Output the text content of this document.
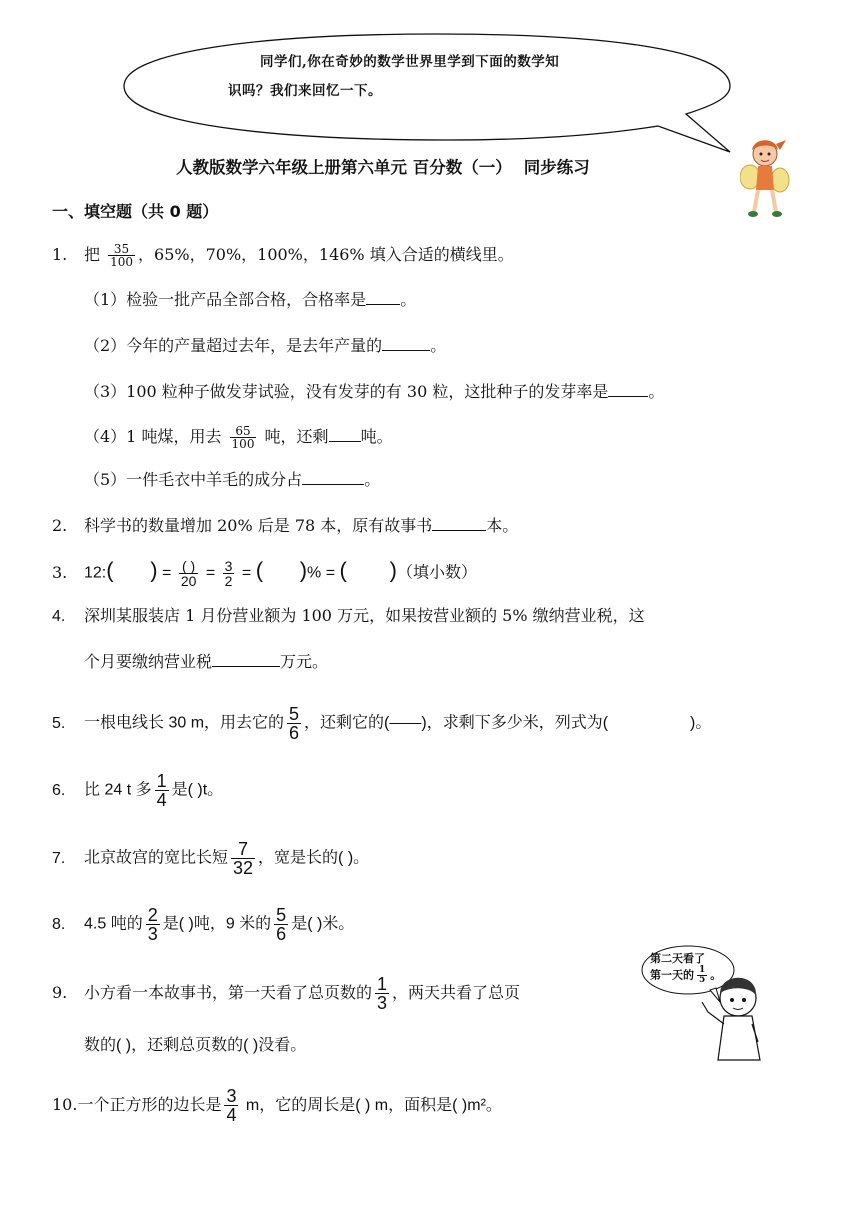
同学们,你在奇妙的数学世界里学到下面的数学知
识吗？我们来回忆一下。
人教版数学六年级上册第六单元 百分数（一） 同步练习
一、填空题（共 0 题）
1. 把 $\frac{35}{100}$ ，65%，70%，100%，146% 填入合适的横线里。
（1）检验一批产品全部合格，合格率是 。
（2）今年的产量超过去年，是去年产量的	。
（3）100 粒种子做发芽试验，没有发芽的有 30 粒，这批种子的发芽率是	。
（4）1 吨煤，用去 $\frac{65}{100}$ 吨，还剩 吨。
（5）一件毛衣中羊毛的成分占	。
2. 科学书的数量增加 20% 后是 78 本，原有故事书	本。
3. 12:(      ) = $\frac{( )}{20} = \frac{3}{2}$ = (      )% = (       )（填小数）
4. 深圳某服装店 1 月份营业额为 100 万元，如果按营业额的 5% 缴纳营业税，这
个月要缴纳营业税	万元。
5. 一根电线长 30 m，用去它的 $\frac{5}{6}$ ，还剩它的(——)，求剩下多少米，列式为(	)。
6. 比 24 t 多 $\frac{1}{4}$ 是( )t。
7. 北京故宫的宽比长短 $\frac{7}{32}$ ，宽是长的( )。
8. 4.5 吨的 $\frac{2}{3}$ 是( )吨，9 米的 $\frac{5}{6}$ 是( )米。
9. 小方看一本故事书，第一天看了总页数的 $\frac{1}{3}$ ，两天共看了总页
数的( )，还剩总页数的( )没看。
第二天看了
第一天的 $\frac{1}{5}$ 。
10.一个正方形的边长是 $\frac{3}{4}$ m，它的周长是( ) m，面积是( )m²。
